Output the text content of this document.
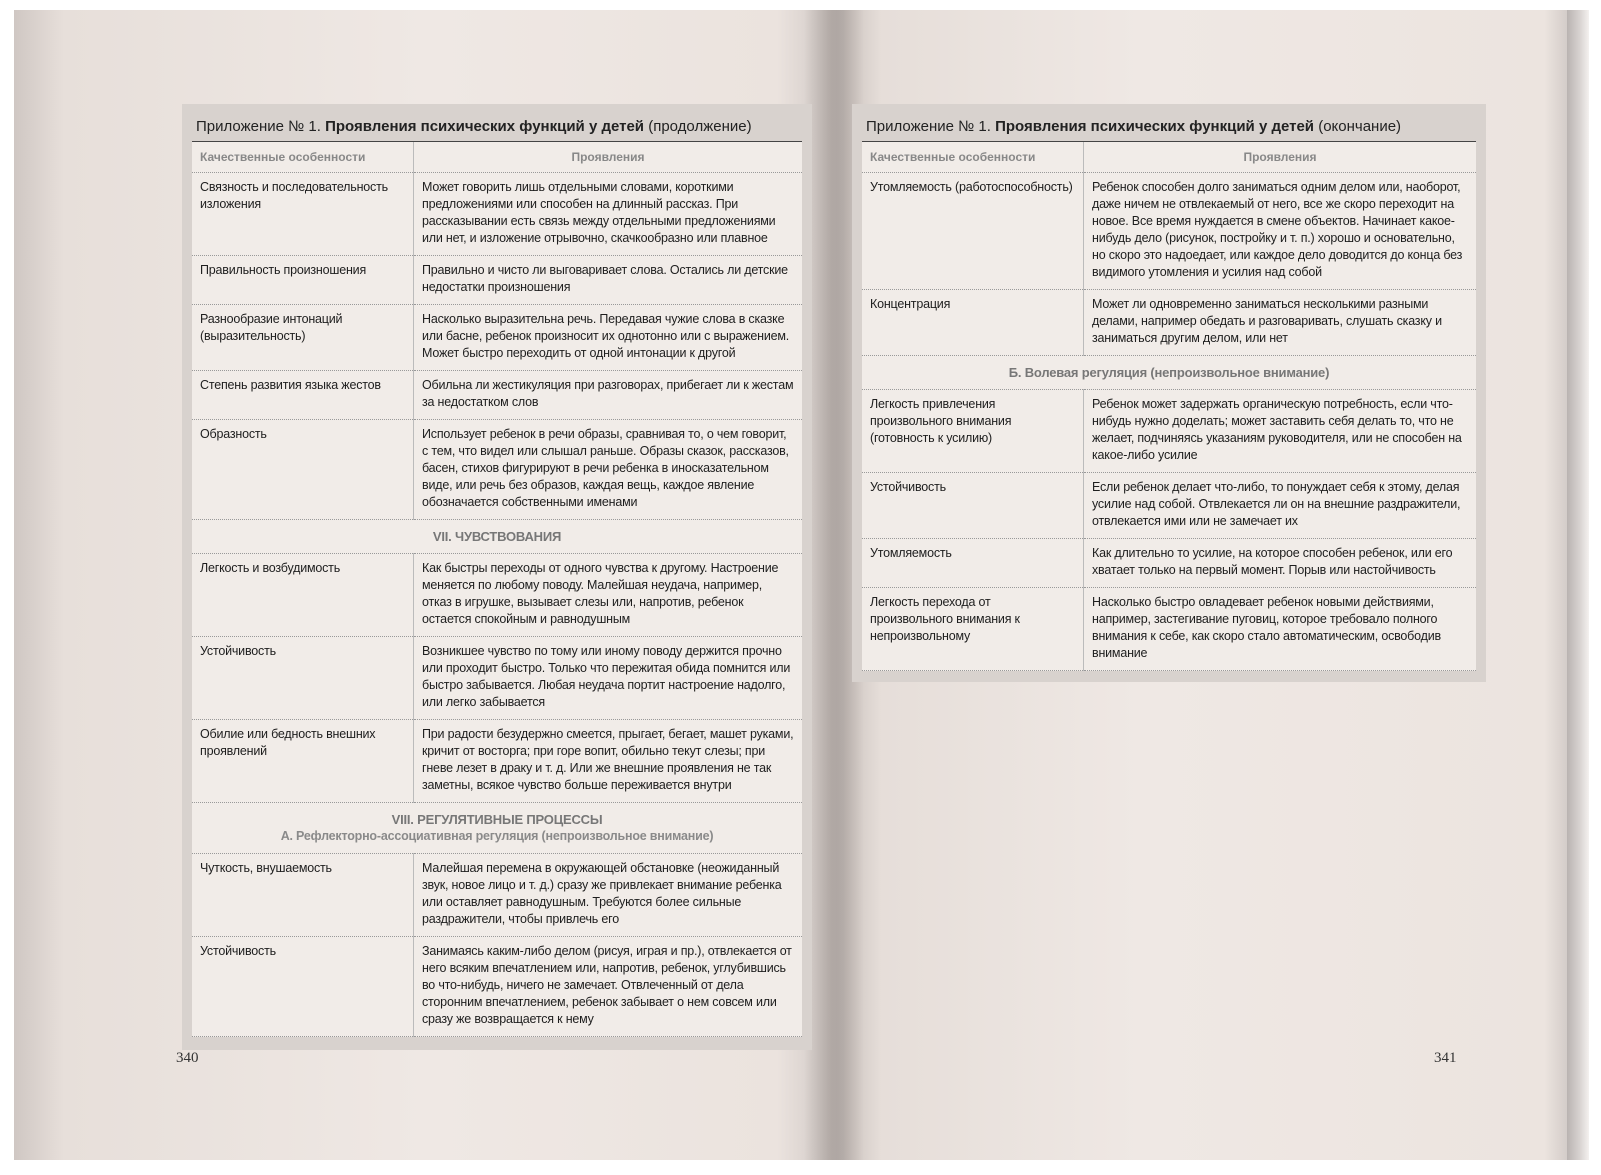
Приложение № 1. Проявления психических функций у детей (продолжение)
Качественные особенности	Проявления
Связность и последовательность изложения	Может говорить лишь отдельными словами, короткими предложениями или способен на длинный рассказ. При рассказывании есть связь между отдельными предложениями или нет, и изложение отрывочно, скачкообразно или плавное
Правильность произношения	Правильно и чисто ли выговаривает слова. Остались ли детские недостатки произношения
Разнообразие интонаций (выразительность)	Насколько выразительна речь. Передавая чужие слова в сказке или басне, ребенок произносит их однотонно или с выражением. Может быстро переходить от одной интонации к другой
Степень развития языка жестов	Обильна ли жестикуляция при разговорах, прибегает ли к жестам за недостатком слов
Образность	Использует ребенок в речи образы, сравнивая то, о чем говорит, с тем, что видел или слышал раньше. Образы сказок, рассказов, басен, стихов фигурируют в речи ребенка в иносказательном виде, или речь без образов, каждая вещь, каждое явление обозначается собственными именами
VII. ЧУВСТВОВАНИЯ	
Легкость и возбудимость	Как быстры переходы от одного чувства к другому. Настроение меняется по любому поводу. Малейшая неудача, например, отказ в игрушке, вызывает слезы или, напротив, ребенок остается спокойным и равнодушным
Устойчивость	Возникшее чувство по тому или иному поводу держится прочно или проходит быстро. Только что пережитая обида помнится или быстро забывается. Любая неудача портит настроение надолго, или легко забывается
Обилие или бедность внешних проявлений	При радости безудержно смеется, прыгает, бегает, машет руками, кричит от восторга; при горе вопит, обильно текут слезы; при гневе лезет в драку и т. д. Или же внешние проявления не так заметны, всякое чувство больше переживается внутри
VIII. РЕГУЛЯТИВНЫЕ ПРОЦЕССЫ
А. Рефлекторно-ассоциативная регуляция (непроизвольное внимание)	

Чуткость, внушаемость	Малейшая перемена в окружающей обстановке (неожиданный звук, новое лицо и т. д.) сразу же привлекает внимание ребенка или оставляет равнодушным. Требуются более сильные раздражители, чтобы привлечь его
Устойчивость	Занимаясь каким-либо делом (рисуя, играя и пр.), отвлекается от него всяким впечатлением или, напротив, ребенок, углубившись во что-нибудь, ничего не замечает. Отвлеченный от дела сторонним впечатлением, ребенок забывает о нем совсем или сразу же возвращается к нему
Приложение № 1. Проявления психических функций у детей (окончание)
Качественные особенности	Проявления
Утомляемость (работоспособность)	Ребенок способен долго заниматься одним делом или, наоборот, даже ничем не отвлекаемый от него, все же скоро переходит на новое. Все время нуждается в смене объектов. Начинает какое-нибудь дело (рисунок, постройку и т. п.) хорошо и основательно, но скоро это надоедает, или каждое дело доводится до конца без видимого утомления и усилия над собой
Концентрация	Может ли одновременно заниматься несколькими разными делами, например обедать и разговаривать, слушать сказку и заниматься другим делом, или нет
Б. Волевая регуляция (непроизвольное внимание)	
Легкость привлечения произвольного внимания (готовность к усилию)	Ребенок может задержать органическую потребность, если что-нибудь нужно доделать; может заставить себя делать то, что не желает, подчиняясь указаниям руководителя, или не способен на какое-либо усилие
Устойчивость	Если ребенок делает что-либо, то понуждает себя к этому, делая усилие над собой. Отвлекается ли он на внешние раздражители, отвлекается ими или не замечает их
Утомляемость	Как длительно то усилие, на которое способен ребенок, или его хватает только на первый момент. Порыв или настойчивость
Легкость перехода от произвольного внимания к непроизвольному	Насколько быстро овладевает ребенок новыми действиями, например, застегивание пуговиц, которое требовало полного внимания к себе, как скоро стало автоматическим, освободив внимание
340	341
